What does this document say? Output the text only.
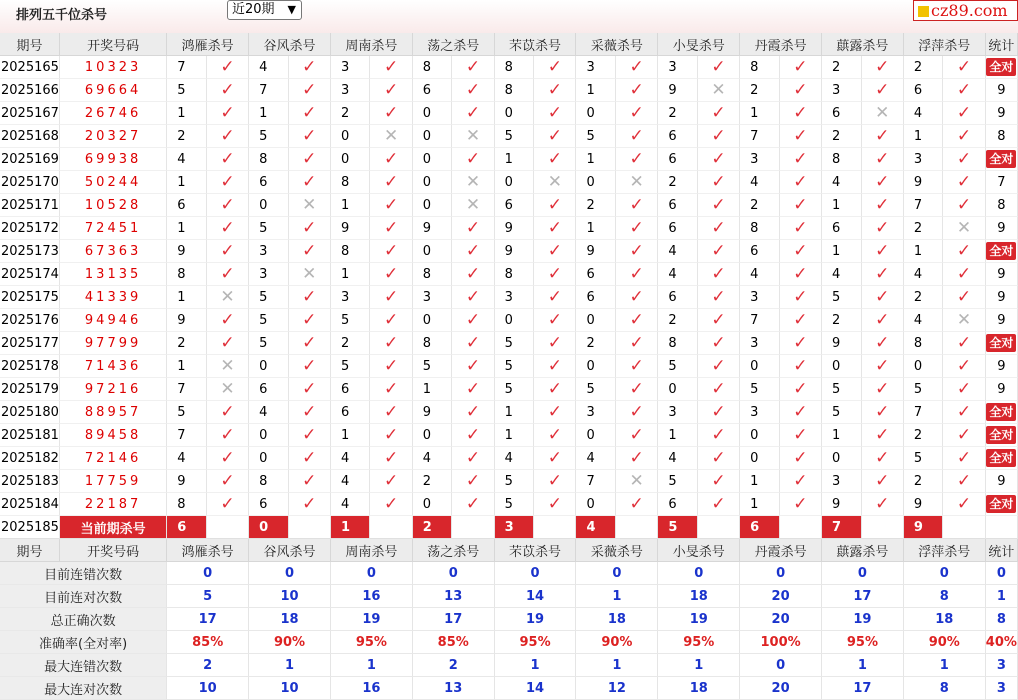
排列五千位杀号	近20期 ▼	cz89.com
期号	开奖号码	鸿雁杀号		谷风杀号		周南杀号		荡之杀号		芣苡杀号		采薇杀号		小旻杀号		丹霞杀号		蕻露杀号		浮萍杀号		统计
2025165	10323	7	✓	4	✓	3	✓	8	✓	8	✓	3	✓	3	✓	8	✓	2	✓	2	✓	全对
2025166	69664	5	✓	7	✓	3	✓	6	✓	8	✓	1	✓	9	✕	2	✓	3	✓	6	✓	9
2025167	26746	1	✓	1	✓	2	✓	0	✓	0	✓	0	✓	2	✓	1	✓	6	✕	4	✓	9
2025168	20327	2	✓	5	✓	0	✕	0	✕	5	✓	5	✓	6	✓	7	✓	2	✓	1	✓	8
2025169	69938	4	✓	8	✓	0	✓	0	✓	1	✓	1	✓	6	✓	3	✓	8	✓	3	✓	全对
2025170	50244	1	✓	6	✓	8	✓	0	✕	0	✕	0	✕	2	✓	4	✓	4	✓	9	✓	7
2025171	10528	6	✓	0	✕	1	✓	0	✕	6	✓	2	✓	6	✓	2	✓	1	✓	7	✓	8
2025172	72451	1	✓	5	✓	9	✓	9	✓	9	✓	1	✓	6	✓	8	✓	6	✓	2	✕	9
2025173	67363	9	✓	3	✓	8	✓	0	✓	9	✓	9	✓	4	✓	6	✓	1	✓	1	✓	全对
2025174	13135	8	✓	3	✕	1	✓	8	✓	8	✓	6	✓	4	✓	4	✓	4	✓	4	✓	9
2025175	41339	1	✕	5	✓	3	✓	3	✓	3	✓	6	✓	6	✓	3	✓	5	✓	2	✓	9
2025176	94946	9	✓	5	✓	5	✓	0	✓	0	✓	0	✓	2	✓	7	✓	2	✓	4	✕	9
2025177	97799	2	✓	5	✓	2	✓	8	✓	5	✓	2	✓	8	✓	3	✓	9	✓	8	✓	全对
2025178	71436	1	✕	0	✓	5	✓	5	✓	5	✓	0	✓	5	✓	0	✓	0	✓	0	✓	9
2025179	97216	7	✕	6	✓	6	✓	1	✓	5	✓	5	✓	0	✓	5	✓	5	✓	5	✓	9
2025180	88957	5	✓	4	✓	6	✓	9	✓	1	✓	3	✓	3	✓	3	✓	5	✓	7	✓	全对
2025181	89458	7	✓	0	✓	1	✓	0	✓	1	✓	0	✓	1	✓	0	✓	1	✓	2	✓	全对
2025182	72146	4	✓	0	✓	4	✓	4	✓	4	✓	4	✓	4	✓	0	✓	0	✓	5	✓	全对
2025183	17759	9	✓	8	✓	4	✓	2	✓	5	✓	7	✕	5	✓	1	✓	3	✓	2	✓	9
2025184	22187	8	✓	6	✓	4	✓	0	✓	5	✓	0	✓	6	✓	1	✓	9	✓	9	✓	全对
2025185	当前期杀号	6		0		1		2		3		4		5		6		7		9		
期号	开奖号码	鸿雁杀号		谷风杀号		周南杀号		荡之杀号		芣苡杀号		采薇杀号		小旻杀号		丹霞杀号		蕻露杀号		浮萍杀号		统计
目前连错次数		0		0		0		0		0		0		0		0		0		0		0
目前连对次数		5		10		16		13		14		1		18		20		17		8		1
总正确次数		17		18		19		17		19		18		19		20		19		18		8
准确率(全对率)		85%		90%		95%		85%		95%		90%		95%		100%		95%		90%		40%
最大连错次数		2		1		1		2		1		1		1		0		1		1		3
最大连对次数		10		10		16		13		14		12		18		20		17		8		3
